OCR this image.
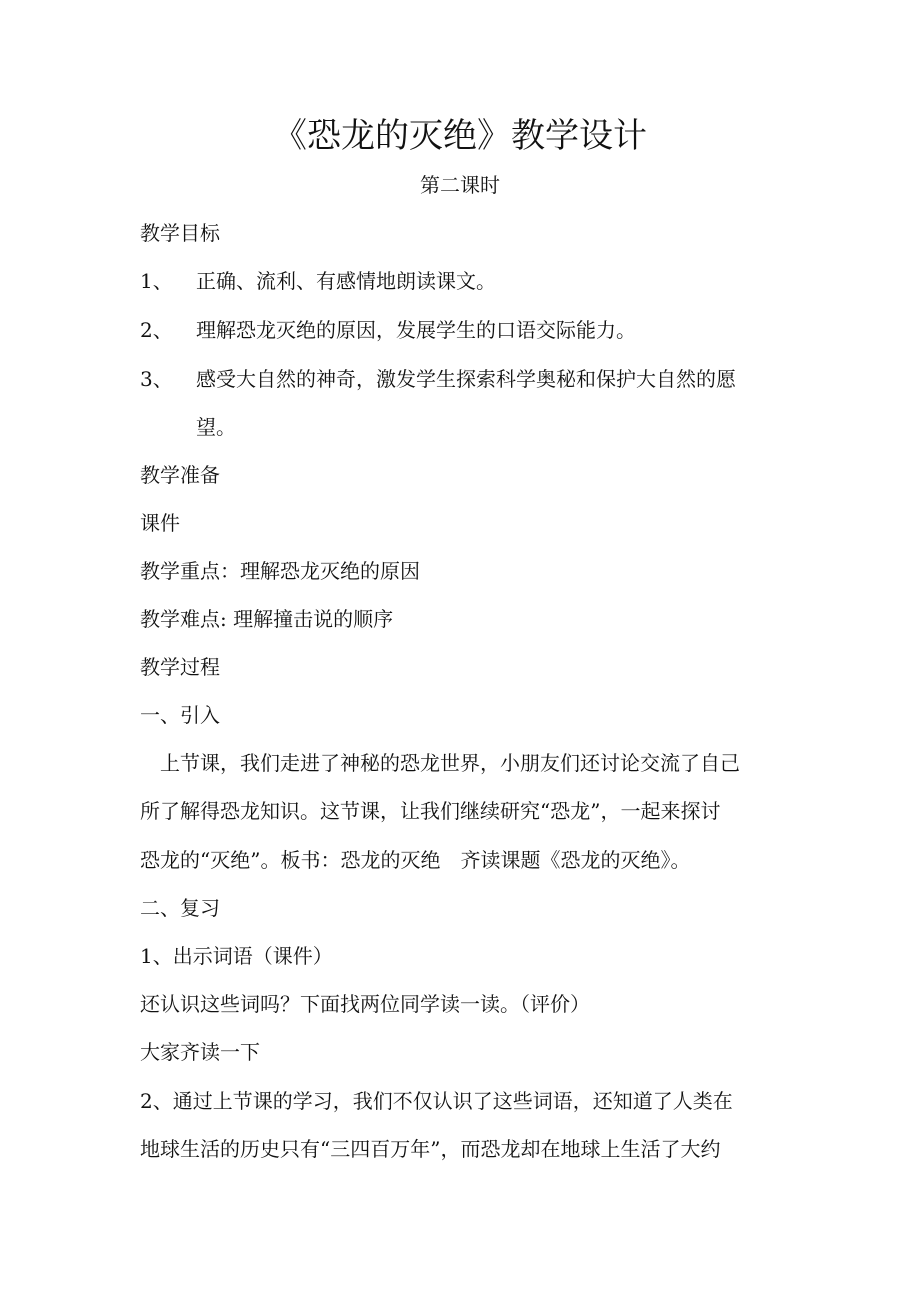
《恐龙的灭绝》教学设计
第二课时
教学目标
1、 正确、流利、有感情地朗读课文。
2、 理解恐龙灭绝的原因，发展学生的口语交际能力。
3、 感受大自然的神奇，激发学生探索科学奥秘和保护大自然的愿
望。
教学准备
课件
教学重点：理解恐龙灭绝的原因
教学难点: 理解撞击说的顺序
教学过程
一、引入
上节课，我们走进了神秘的恐龙世界，小朋友们还讨论交流了自己
所了解得恐龙知识。这节课，让我们继续研究“恐龙”，一起来探讨
恐龙的“灭绝”。板书：恐龙的灭绝　齐读课题《恐龙的灭绝》。
二、复习
1、出示词语（课件）
还认识这些词吗？下面找两位同学读一读。（评价）
大家齐读一下
2、通过上节课的学习，我们不仅认识了这些词语，还知道了人类在
地球生活的历史只有“三四百万年”，而恐龙却在地球上生活了大约
